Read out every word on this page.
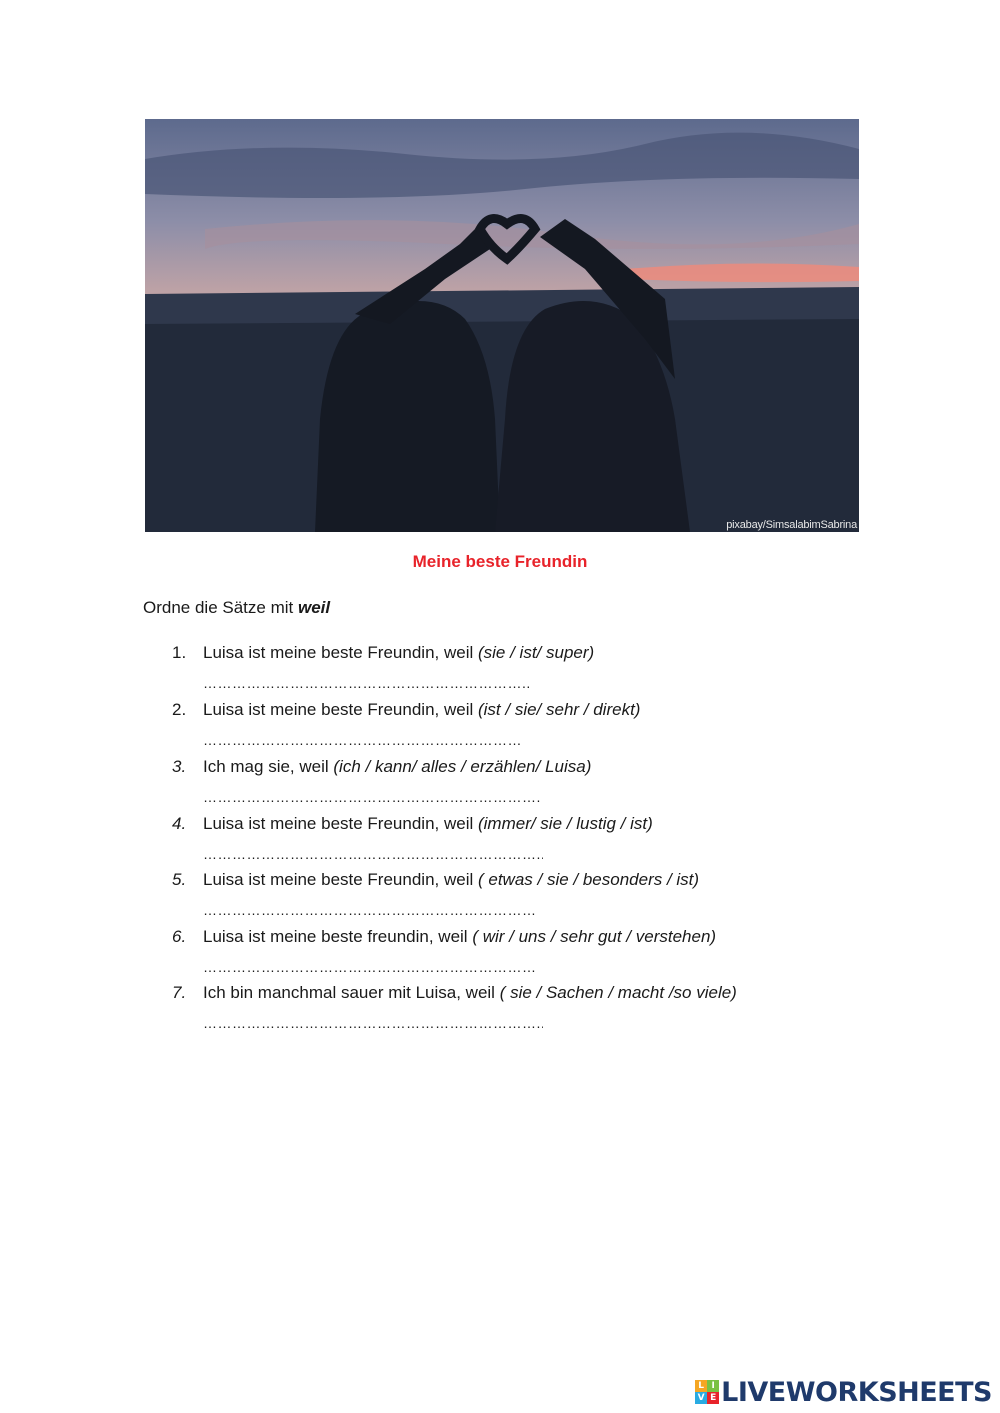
pixabay/SimsalabimSabrina
Meine beste Freundin
Ordne die Sätze mit weil
1. Luisa ist meine beste Freundin, weil (sie / ist/ super)
…………………………………………………………..
2. Luisa ist meine beste Freundin, weil (ist / sie/ sehr / direkt)
…………………………………………………………
3. Ich mag sie, weil (ich / kann/ alles / erzählen/ Luisa)
…………………………………………………………….
4. Luisa ist meine beste Freundin, weil (immer/ sie / lustig / ist)
……………………………………………………………..
5. Luisa ist meine beste Freundin, weil ( etwas / sie / besonders / ist)
……………………………………………………………
6. Luisa ist meine beste freundin, weil ( wir / uns / sehr gut / verstehen)
……………………………………………………………
7. Ich bin manchmal sauer mit Luisa, weil ( sie / Sachen / macht /so viele)
……………………………………………………………..
L I
V E LIVEWORKSHEETS
